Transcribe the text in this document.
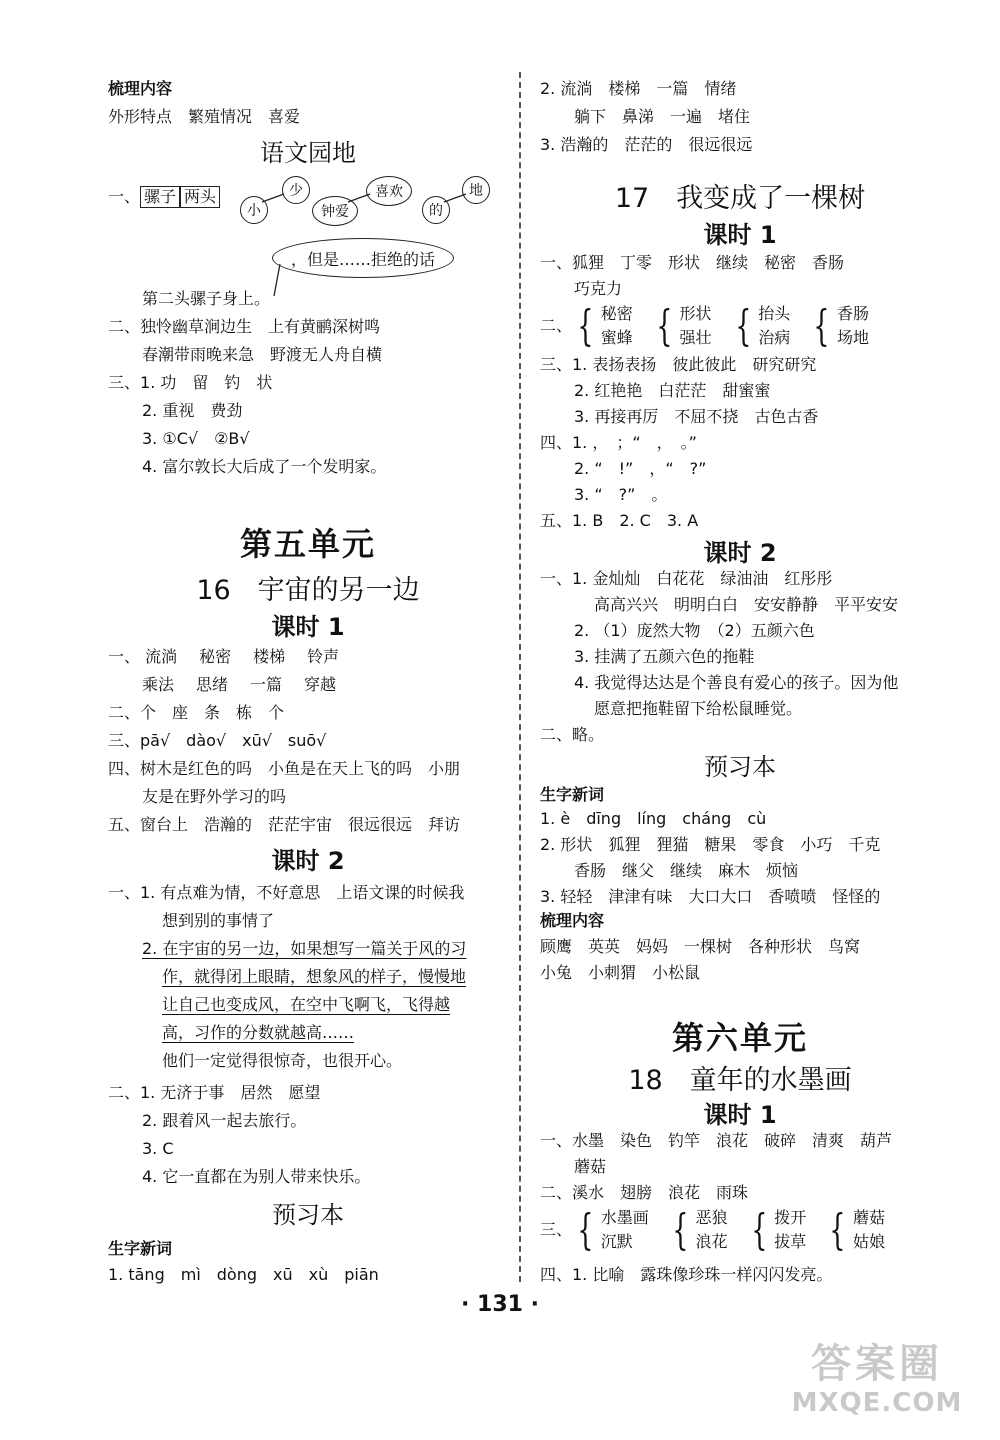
梳理内容
外形特点　繁殖情况　喜爱
语文园地
一、 骡子 两头
小
少
钟爱
喜欢
的
地
，但是……拒绝的话
第二头骡子身上。
二、独怜幽草涧边生　上有黄鹂深树鸣
春潮带雨晚来急　野渡无人舟自横
三、1. 功　留　钓　状
2. 重视　费劲
3. ①C√　②B√
4. 富尔敦长大后成了一个发明家。
第五单元
16　宇宙的另一边
课时 1
一、 流淌 秘密 楼梯 铃声
乘法 思绪 一篇 穿越
二、个　座　条　栋　个
三、pā√　dào√　xū√　suō√
四、树木是红色的吗　小鱼是在天上飞的吗　小朋
友是在野外学习的吗
五、窗台上　浩瀚的　茫茫宇宙　很远很远　拜访
课时 2
一、1. 有点难为情，不好意思　上语文课的时候我
想到别的事情了
2. 在宇宙的另一边，如果想写一篇关于风的习
作，就得闭上眼睛，想象风的样子，慢慢地
让自己也变成风，在空中飞啊飞，飞得越
高，习作的分数就越高……
他们一定觉得很惊奇，也很开心。
二、1. 无济于事　居然　愿望
2. 跟着风一起去旅行。
3. C
4. 它一直都在为别人带来快乐。
预习本
生字新词
1. tāng　mì　dòng　xū　xù　piān
2. 流淌　楼梯　一篇　情绪
躺下　鼻涕　一遍　堵住
3. 浩瀚的　茫茫的　很远很远
17　我变成了一棵树
课时 1
一、狐狸　丁零　形状　继续　秘密　香肠
巧克力
二、 { 秘密
蜜蜂 { 形状
强壮 { 抬头
治病 { 香肠
场地
三、1. 表扬表扬　彼此彼此　研究研究
2. 红艳艳　白茫茫　甜蜜蜜
3. 再接再厉　不屈不挠　古色古香
四、1. ，　；“　，　。”
2. “　!”　，“　?”
3. “　?”　。
五、1. B　2. C　3. A
课时 2
一、1. 金灿灿　白花花　绿油油　红彤彤
高高兴兴　明明白白　安安静静　平平安安
2. （1）庞然大物　（2）五颜六色
3. 挂满了五颜六色的拖鞋
4. 我觉得达达是个善良有爱心的孩子。因为他
愿意把拖鞋留下给松鼠睡觉。
二、略。
预习本
生字新词
1. è　dīng　líng　cháng　cù
2. 形状　狐狸　狸猫　糖果　零食　小巧　千克
香肠　继父　继续　麻木　烦恼
3. 轻轻　津津有味　大口大口　香喷喷　怪怪的
梳理内容
顾鹰　英英　妈妈　一棵树　各种形状　鸟窝
小兔　小刺猬　小松鼠
第六单元
18　童年的水墨画
课时 1
一、水墨　染色　钓竿　浪花　破碎　清爽　葫芦
蘑菇
二、溪水　翅膀　浪花　雨珠
三、 { 水墨画
沉默 { 恶狼
浪花 { 拨开
拔草 { 蘑菇
姑娘
四、1. 比喻　露珠像珍珠一样闪闪发亮。
· 131 ·
答案圈
MXQE.COM
